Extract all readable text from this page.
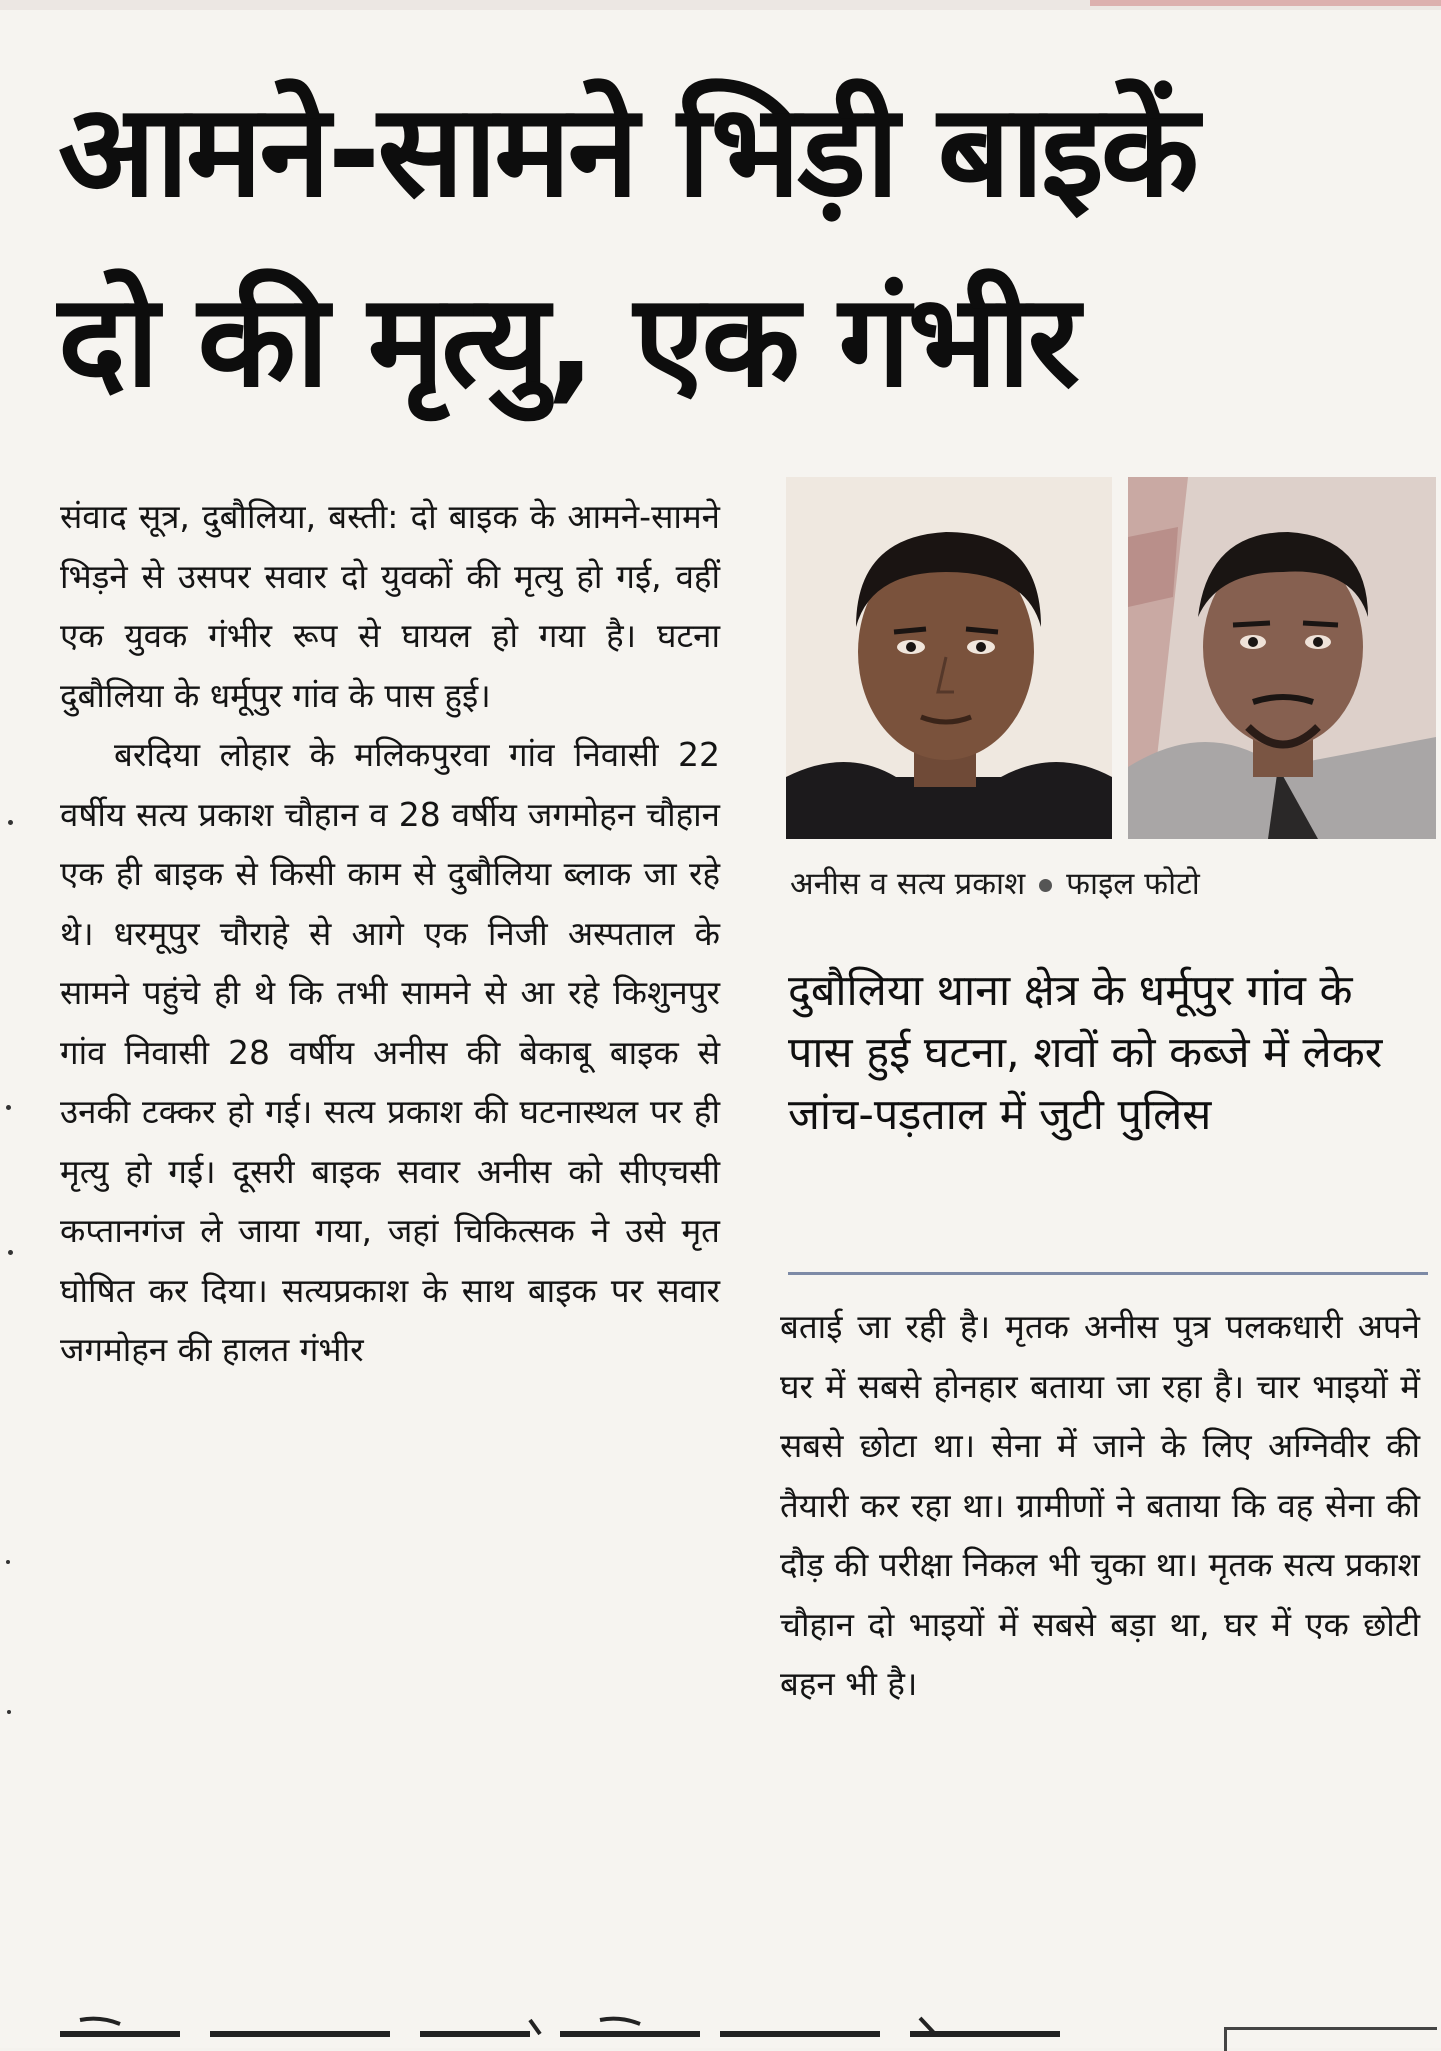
आमने-सामने भिड़ी बाइकें
दो की मृत्यु, एक गंभीर

संवाद सूत्र, दुबौलिया, बस्ती: दो बाइक के आमने-सामने भिड़ने से उसपर सवार दो युवकों की मृत्यु हो गई, वहीं एक युवक गंभीर रूप से घायल हो गया है। घटना दुबौलिया के धर्मूपुर गांव के पास हुई।

बरदिया लोहार के मलिकपुरवा गांव निवासी 22 वर्षीय सत्य प्रकाश चौहान व 28 वर्षीय जगमोहन चौहान एक ही बाइक से किसी काम से दुबौलिया ब्लाक जा रहे थे। धरमूपुर चौराहे से आगे एक निजी अस्पताल के सामने पहुंचे ही थे कि तभी सामने से आ रहे किशुनपुर गांव निवासी 28 वर्षीय अनीस की बेकाबू बाइक से उनकी टक्कर हो गई। सत्य प्रकाश की घटनास्थल पर ही मृत्यु हो गई। दूसरी बाइक सवार अनीस को सीएचसी कप्तानगंज ले जाया गया, जहां चिकित्सक ने उसे मृत घोषित कर दिया। सत्यप्रकाश के साथ बाइक पर सवार जगमोहन की हालत गंभीर

अनीस व सत्य प्रकाश फाइल फोटो
दुबौलिया थाना क्षेत्र के धर्मूपुर गांव के पास हुई घटना, शवों को कब्जे में लेकर जांच-पड़ताल में जुटी पुलिस

बताई जा रही है। मृतक अनीस पुत्र पलकधारी अपने घर में सबसे होनहार बताया जा रहा है। चार भाइयों में सबसे छोटा था। सेना में जाने के लिए अग्निवीर की तैयारी कर रहा था। ग्रामीणों ने बताया कि वह सेना की दौड़ की परीक्षा निकल भी चुका था। मृतक सत्य प्रकाश चौहान दो भाइयों में सबसे बड़ा था, घर में एक छोटी बहन भी है।
